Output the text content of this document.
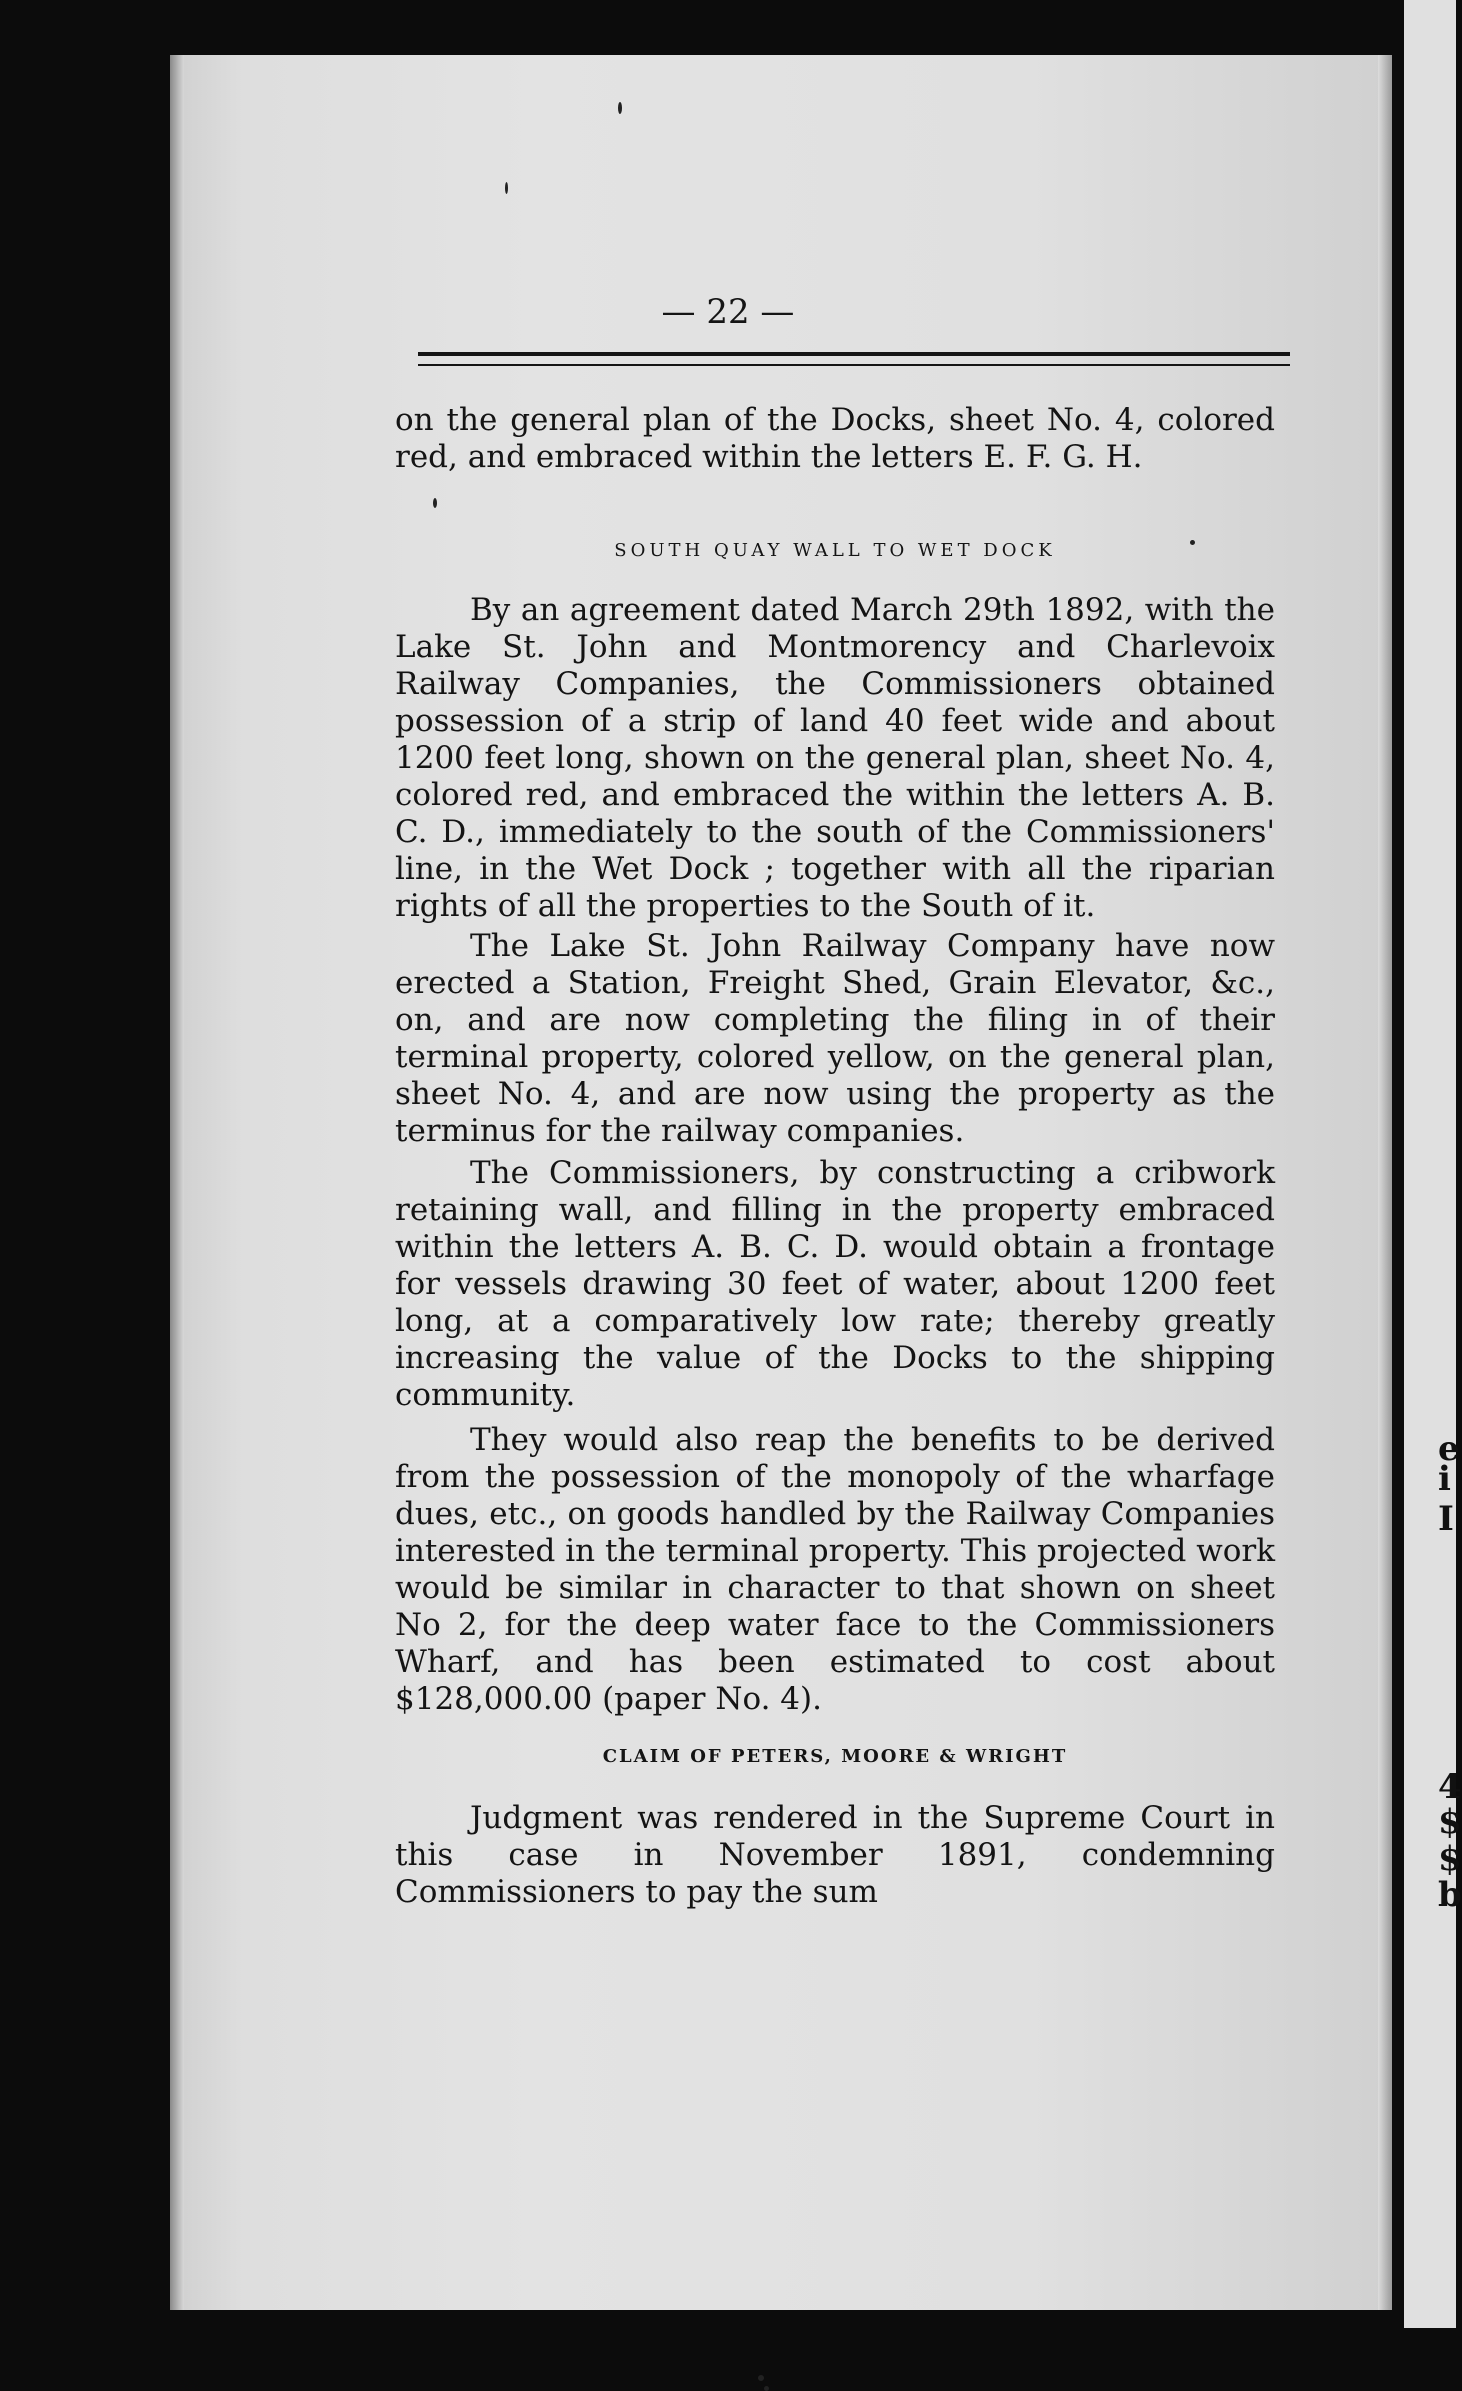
e
i
I
4
$
$
b
— 22 —

on the general plan of the Docks, sheet No. 4, colored red, and embraced within the letters E. F. G. H.

SOUTH QUAY WALL TO WET DOCK

By an agreement dated March 29th 1892, with the Lake St. John and Montmorency and Charlevoix Railway Companies, the Commissioners obtained possession of a strip of land 40 feet wide and about 1200 feet long, shown on the general plan, sheet No. 4, colored red, and embraced the within the letters A. B. C. D., immediately to the south of the Commissioners' line, in the Wet Dock ; together with all the riparian rights of all the properties to the South of it.

The Lake St. John Railway Company have now erected a Station, Freight Shed, Grain Elevator, &c., on, and are now completing the filing in of their terminal property, colored yellow, on the general plan, sheet No. 4, and are now using the property as the terminus for the railway companies.

The Commissioners, by constructing a cribwork retaining wall, and filling in the property embraced within the letters A. B. C. D. would obtain a frontage for vessels drawing 30 feet of water, about 1200 feet long, at a comparatively low rate; thereby greatly increasing the value of the Docks to the shipping community.

They would also reap the benefits to be derived from the possession of the monopoly of the wharfage dues, etc., on goods handled by the Railway Companies interested in the terminal property. This projected work would be similar in character to that shown on sheet No 2, for the deep water face to the Commissioners Wharf, and has been estimated to cost about $128,000.00 (paper No. 4).

CLAIM OF PETERS, MOORE & WRIGHT

Judgment was rendered in the Supreme Court in this case in November 1891, condemning Commissioners to pay the sum
